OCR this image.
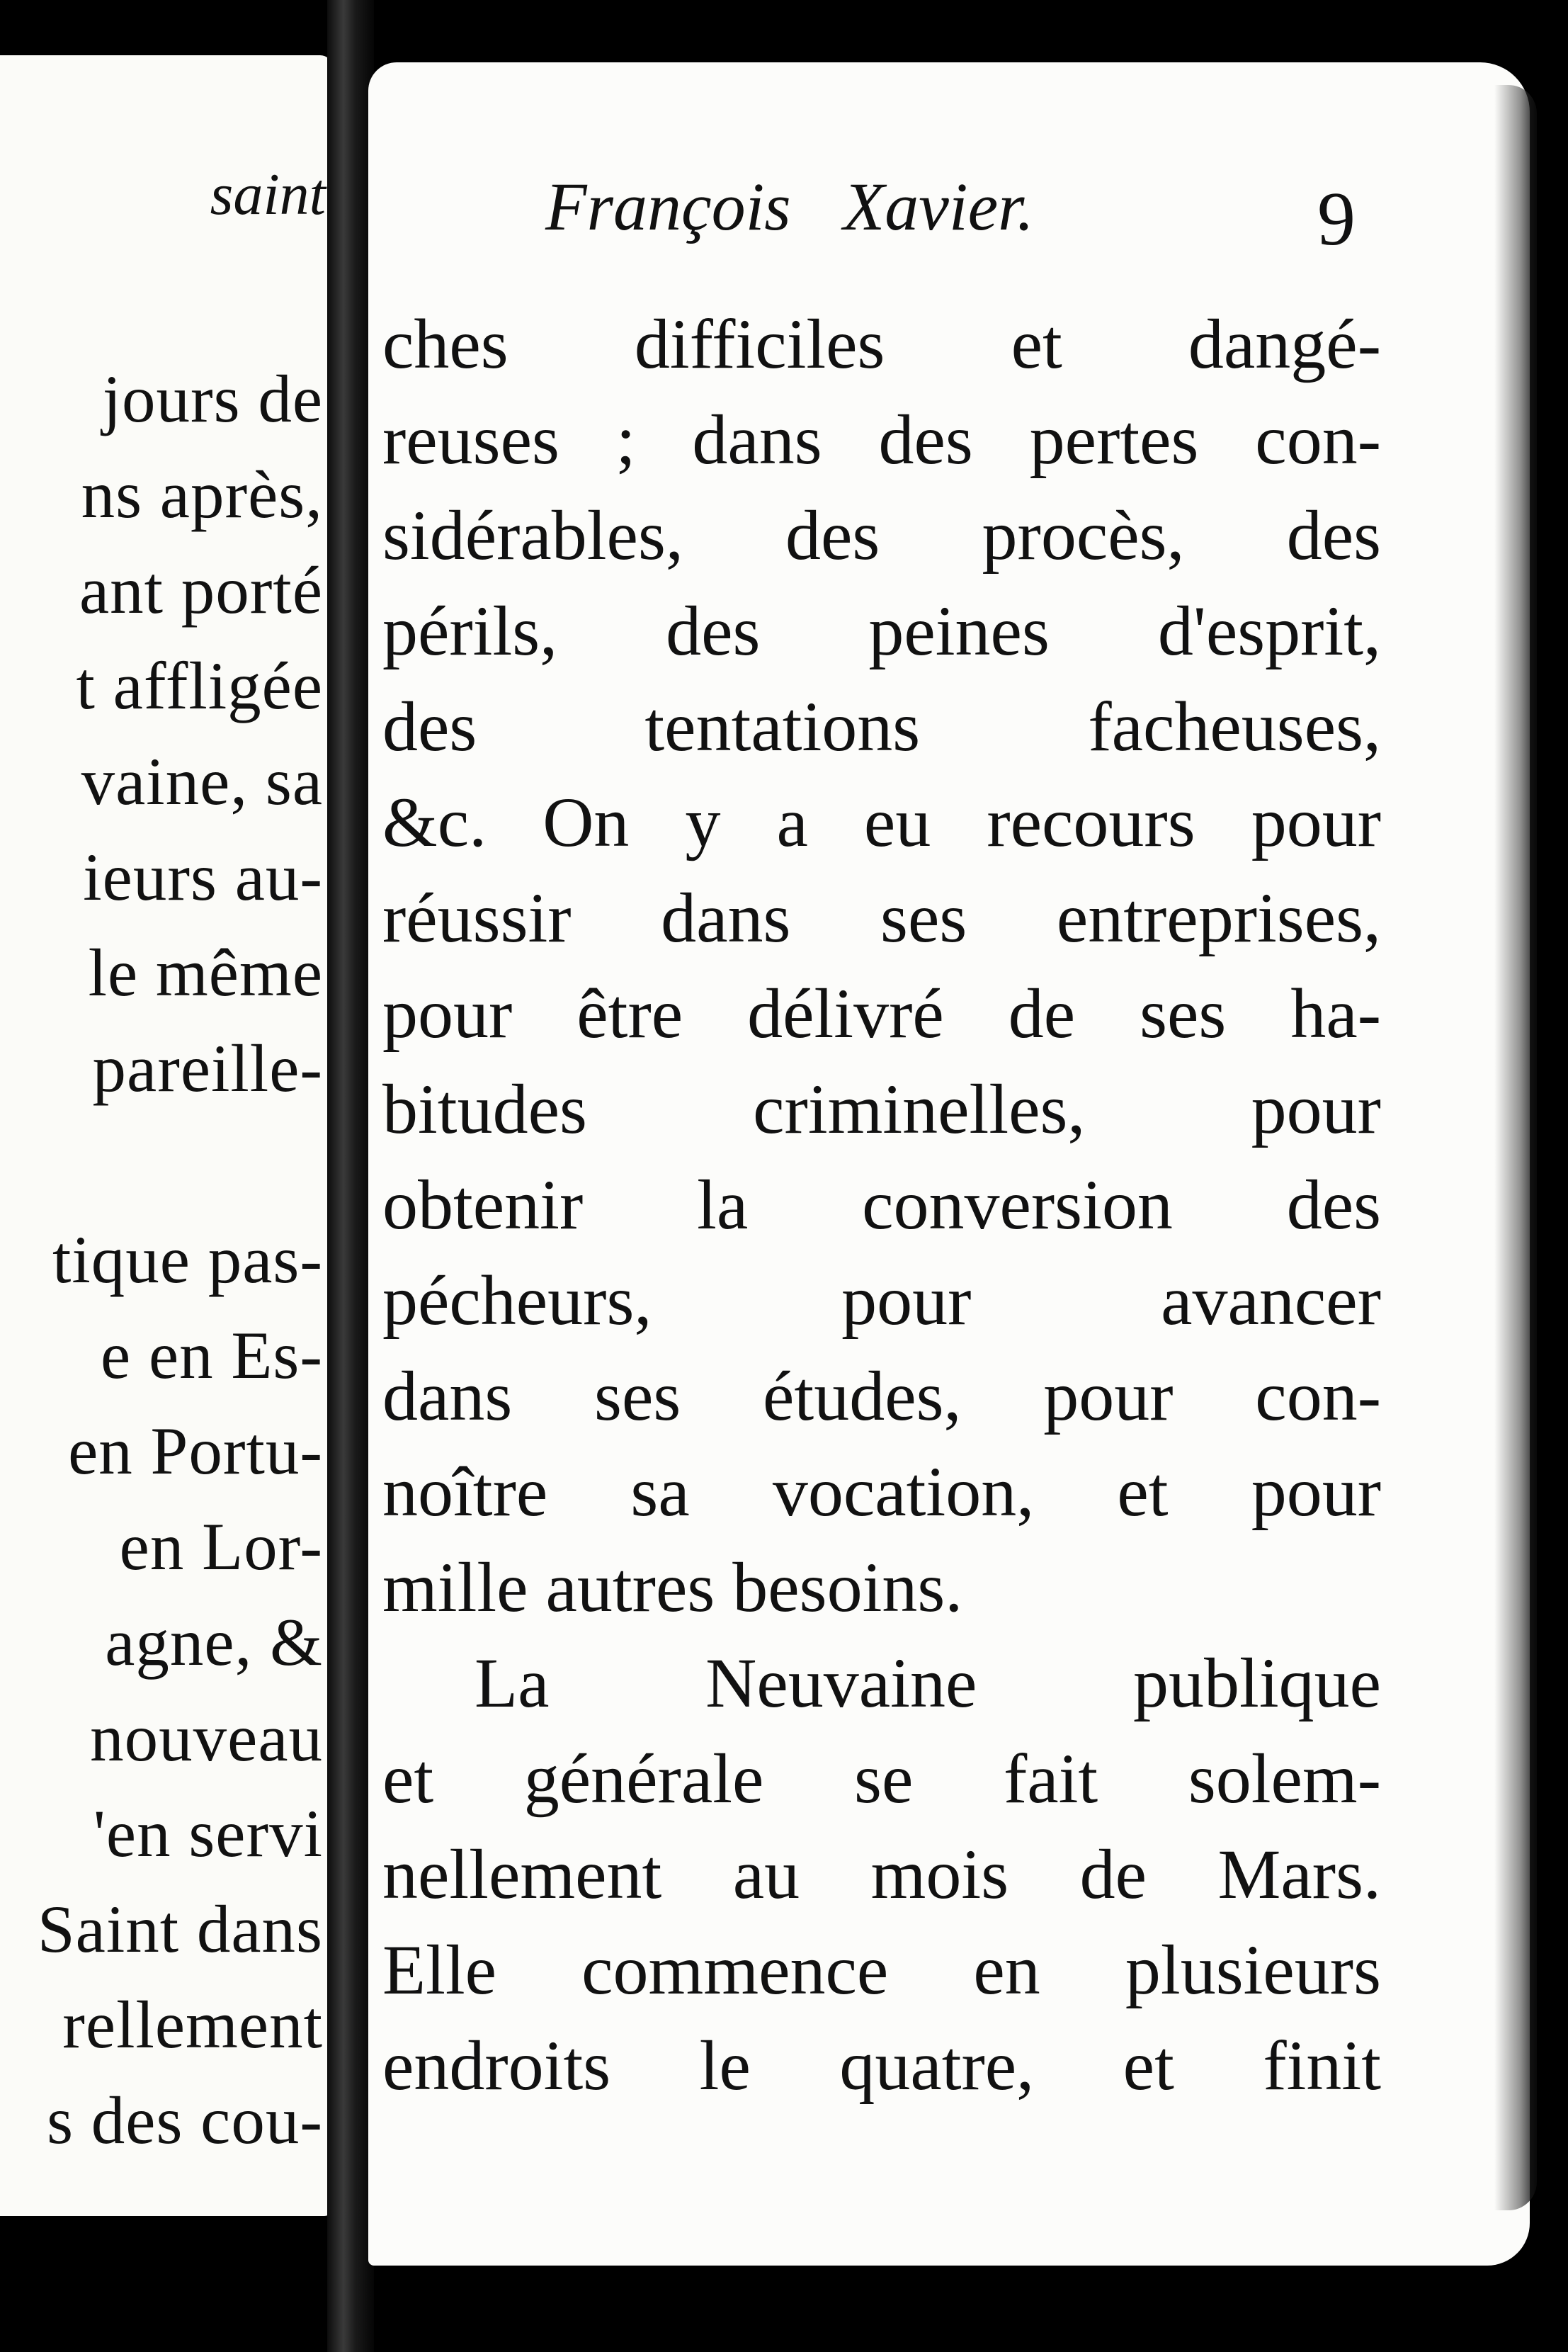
saint
jours de
ns après,
ant porté
t affligée
vaine, sa
ieurs au-
le même
pareille-
tique pas-
e en Es-
en Portu-
en Lor-
agne, &
nouveau
'en servi
Saint dans
rellement
s des cou-
François Xavier.	9
ches difficiles et dangé-
reuses ; dans des pertes con-
sidérables, des procès, des
périls, des peines d'esprit,
des tentations facheuses,
&c. On y a eu recours pour
réussir dans ses entreprises,
pour être délivré de ses ha-
bitudes criminelles, pour
obtenir la conversion des
pécheurs, pour avancer
dans ses études, pour con-
noître sa vocation, et pour
mille autres besoins.
La Neuvaine publique
et générale se fait solem-
nellement au mois de Mars.
Elle commence en plusieurs
endroits le quatre, et finit
